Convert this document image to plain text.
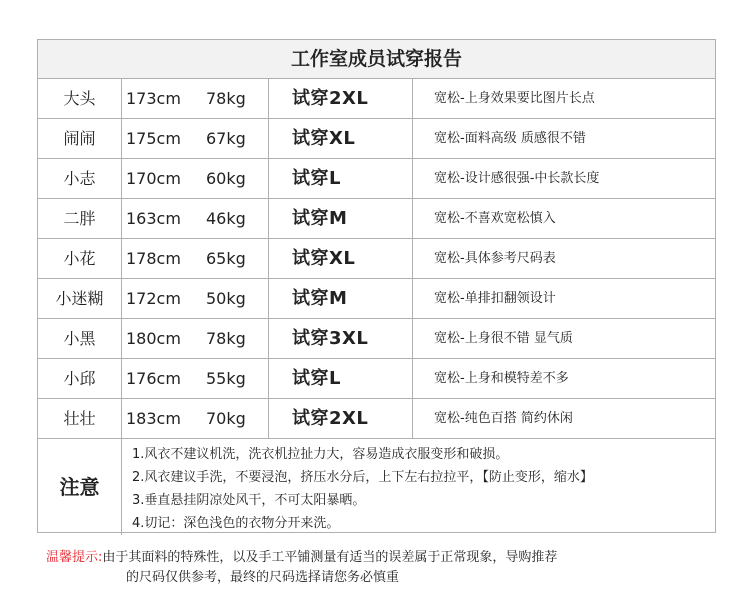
工作室成员试穿报告
大头	173cm 78kg	试穿2XL	宽松-上身效果要比图片长点
闹闹	175cm 67kg	试穿XL	宽松-面料高级 质感很不错
小志	170cm 60kg	试穿L	宽松-设计感很强-中长款长度
二胖	163cm 46kg	试穿M	宽松-不喜欢宽松慎入
小花	178cm 65kg	试穿XL	宽松-具体参考尺码表
小迷糊	172cm 50kg	试穿M	宽松-单排扣翻领设计
小黑	180cm 78kg	试穿3XL	宽松-上身很不错 显气质
小邱	176cm 55kg	试穿L	宽松-上身和模特差不多
壮壮	183cm 70kg	试穿2XL	宽松-纯色百搭 简约休闲
注意
1.风衣不建议机洗，洗衣机拉扯力大，容易造成衣服变形和破损。
2.风衣建议手洗，不要浸泡，挤压水分后，上下左右拉拉平，【防止变形，缩水】
3.垂直悬挂阴凉处风干，不可太阳暴晒。
4.切记：深色浅色的衣物分开来洗。
温馨提示:由于其面料的特殊性，以及手工平铺测量有适当的误差属于正常现象，导购推荐
的尺码仅供参考，最终的尺码选择请您务必慎重
